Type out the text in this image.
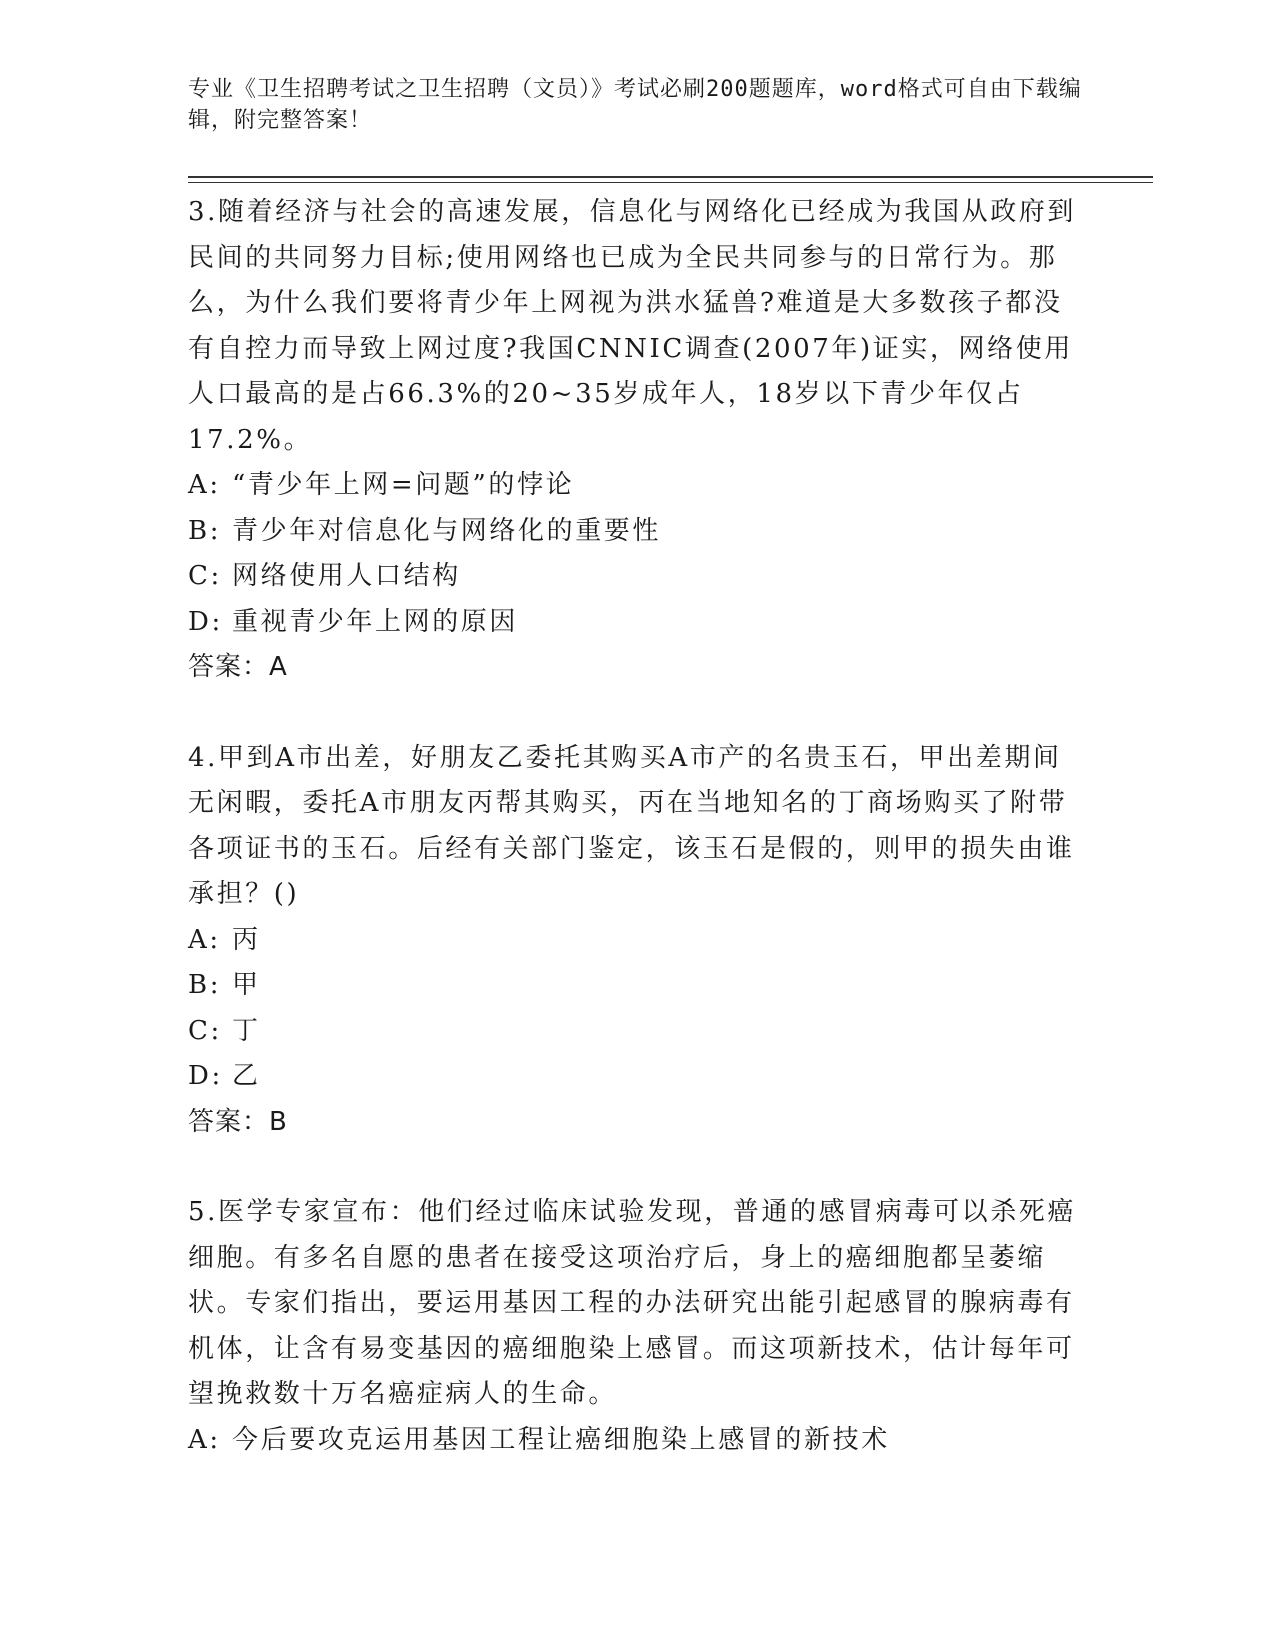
专业《卫生招聘考试之卫生招聘（文员）》考试必刷200题题库，word格式可自由下载编辑，附完整答案！

3.随着经济与社会的高速发展，信息化与网络化已经成为我国从政府到民间的共同努力目标;使用网络也已成为全民共同参与的日常行为。那么，为什么我们要将青少年上网视为洪水猛兽?难道是大多数孩子都没有自控力而导致上网过度?我国CNNIC调查(2007年)证实，网络使用人口最高的是占66.3%的20~35岁成年人，18岁以下青少年仅占17.2%。

A: “青少年上网=问题”的悖论
B: 青少年对信息化与网络化的重要性
C: 网络使用人口结构
D: 重视青少年上网的原因

答案：A

4.甲到A市出差，好朋友乙委托其购买A市产的名贵玉石，甲出差期间无闲暇，委托A市朋友丙帮其购买，丙在当地知名的丁商场购买了附带各项证书的玉石。后经有关部门鉴定，该玉石是假的，则甲的损失由谁承担？()

A: 丙
B: 甲
C: 丁
D: 乙

答案：B

5.医学专家宣布：他们经过临床试验发现，普通的感冒病毒可以杀死癌细胞。有多名自愿的患者在接受这项治疗后，身上的癌细胞都呈萎缩状。专家们指出，要运用基因工程的办法研究出能引起感冒的腺病毒有机体，让含有易变基因的癌细胞染上感冒。而这项新技术，估计每年可望挽救数十万名癌症病人的生命。

A: 今后要攻克运用基因工程让癌细胞染上感冒的新技术
